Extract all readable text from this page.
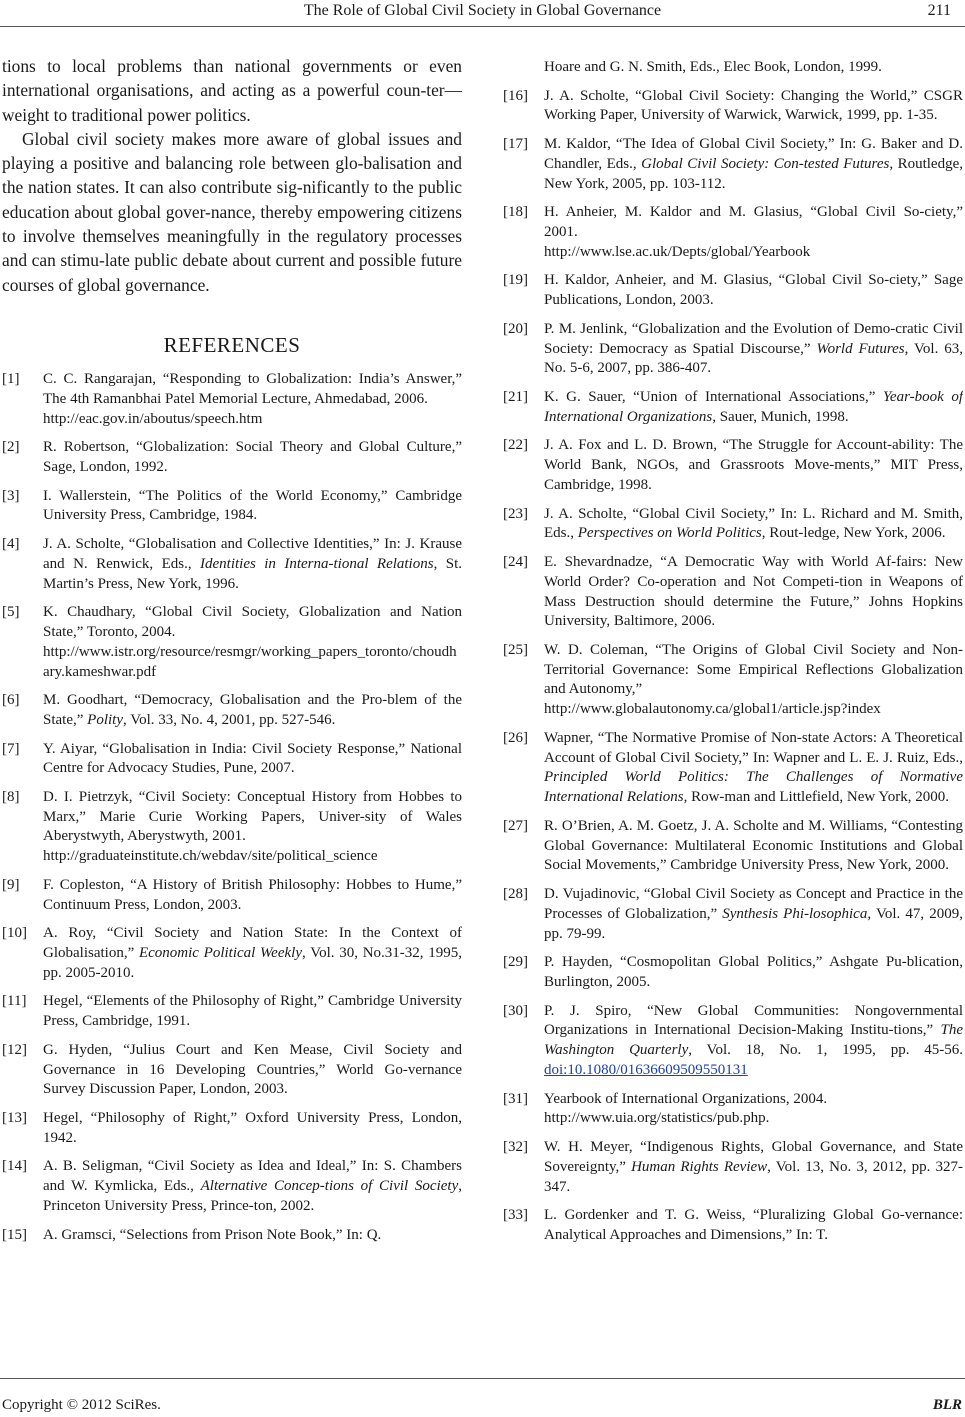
The Role of Global Civil Society in Global Governance	211

tions to local problems than national governments or even international organisations, and acting as a powerful coun-ter—weight to traditional power politics.

Global civil society makes more aware of global issues and playing a positive and balancing role between glo-balisation and the nation states. It can also contribute sig-nificantly to the public education about global gover-nance, thereby empowering citizens to involve themselves meaningfully in the regulatory processes and can stimu-late public debate about current and possible future courses of global governance.

REFERENCES
[1]	C. C. Rangarajan, “Responding to Globalization: India’s Answer,” The 4th Ramanbhai Patel Memorial Lecture, Ahmedabad, 2006.
http://eac.gov.in/aboutus/speech.htm
[2]	R. Robertson, “Globalization: Social Theory and Global Culture,” Sage, London, 1992.
[3]	I. Wallerstein, “The Politics of the World Economy,” Cambridge University Press, Cambridge, 1984.
[4]	J. A. Scholte, “Globalisation and Collective Identities,” In: J. Krause and N. Renwick, Eds., Identities in Interna-tional Relations, St. Martin’s Press, New York, 1996.
[5]	K. Chaudhary, “Global Civil Society, Globalization and Nation State,” Toronto, 2004.
http://www.istr.org/resource/resmgr/working_papers_toronto/choudhary.kameshwar.pdf
[6]	M. Goodhart, “Democracy, Globalisation and the Pro-blem of the State,” Polity, Vol. 33, No. 4, 2001, pp. 527-546.
[7]	Y. Aiyar, “Globalisation in India: Civil Society Response,” National Centre for Advocacy Studies, Pune, 2007.
[8]	D. I. Pietrzyk, “Civil Society: Conceptual History from Hobbes to Marx,” Marie Curie Working Papers, Univer-sity of Wales Aberystwyth, Aberystwyth, 2001.
http://graduateinstitute.ch/webdav/site/political_science
[9]	F. Copleston, “A History of British Philosophy: Hobbes to Hume,” Continuum Press, London, 2003.
[10]	A. Roy, “Civil Society and Nation State: In the Context of Globalisation,” Economic Political Weekly, Vol. 30, No.31-32, 1995, pp. 2005-2010.
[11]	Hegel, “Elements of the Philosophy of Right,” Cambridge University Press, Cambridge, 1991.
[12]	G. Hyden, “Julius Court and Ken Mease, Civil Society and Governance in 16 Developing Countries,” World Go-vernance Survey Discussion Paper, London, 2003.
[13]	Hegel, “Philosophy of Right,” Oxford University Press, London, 1942.
[14]	A. B. Seligman, “Civil Society as Idea and Ideal,” In: S. Chambers and W. Kymlicka, Eds., Alternative Concep-tions of Civil Society, Princeton University Press, Prince-ton, 2002.
[15]	A. Gramsci, “Selections from Prison Note Book,” In: Q.
Hoare and G. N. Smith, Eds., Elec Book, London, 1999.
[16]	J. A. Scholte, “Global Civil Society: Changing the World,” CSGR Working Paper, University of Warwick, Warwick, 1999, pp. 1-35.
[17]	M. Kaldor, “The Idea of Global Civil Society,” In: G. Baker and D. Chandler, Eds., Global Civil Society: Con-tested Futures, Routledge, New York, 2005, pp. 103-112.
[18]	H. Anheier, M. Kaldor and M. Glasius, “Global Civil So-ciety,” 2001.
http://www.lse.ac.uk/Depts/global/Yearbook
[19]	H. Kaldor, Anheier, and M. Glasius, “Global Civil So-ciety,” Sage Publications, London, 2003.
[20]	P. M. Jenlink, “Globalization and the Evolution of Demo-cratic Civil Society: Democracy as Spatial Discourse,” World Futures, Vol. 63, No. 5-6, 2007, pp. 386-407.
[21]	K. G. Sauer, “Union of International Associations,” Year-book of International Organizations, Sauer, Munich, 1998.
[22]	J. A. Fox and L. D. Brown, “The Struggle for Account-ability: The World Bank, NGOs, and Grassroots Move-ments,” MIT Press, Cambridge, 1998.
[23]	J. A. Scholte, “Global Civil Society,” In: L. Richard and M. Smith, Eds., Perspectives on World Politics, Rout-ledge, New York, 2006.
[24]	E. Shevardnadze, “A Democratic Way with World Af-fairs: New World Order? Co-operation and Not Competi-tion in Weapons of Mass Destruction should determine the Future,” Johns Hopkins University, Baltimore, 2006.
[25]	W. D. Coleman, “The Origins of Global Civil Society and Non-Territorial Governance: Some Empirical Reflections Globalization and Autonomy,”
http://www.globalautonomy.ca/global1/article.jsp?index
[26]	Wapner, “The Normative Promise of Non-state Actors: A Theoretical Account of Global Civil Society,” In: Wapner and L. E. J. Ruiz, Eds., Principled World Politics: The Challenges of Normative International Relations, Row-man and Littlefield, New York, 2000.
[27]	R. O’Brien, A. M. Goetz, J. A. Scholte and M. Williams, “Contesting Global Governance: Multilateral Economic Institutions and Global Social Movements,” Cambridge University Press, New York, 2000.
[28]	D. Vujadinovic, “Global Civil Society as Concept and Practice in the Processes of Globalization,” Synthesis Phi-losophica, Vol. 47, 2009, pp. 79-99.
[29]	P. Hayden, “Cosmopolitan Global Politics,” Ashgate Pu-blication, Burlington, 2005.
[30]	P. J. Spiro, “New Global Communities: Nongovernmental Organizations in International Decision-Making Institu-tions,” The Washington Quarterly, Vol. 18, No. 1, 1995, pp. 45-56. doi:10.1080/01636609509550131
[31]	Yearbook of International Organizations, 2004.
http://www.uia.org/statistics/pub.php.
[32]	W. H. Meyer, “Indigenous Rights, Global Governance, and State Sovereignty,” Human Rights Review, Vol. 13, No. 3, 2012, pp. 327-347.
[33]	L. Gordenker and T. G. Weiss, “Pluralizing Global Go-vernance: Analytical Approaches and Dimensions,” In: T.
Copyright © 2012 SciRes.	BLR
